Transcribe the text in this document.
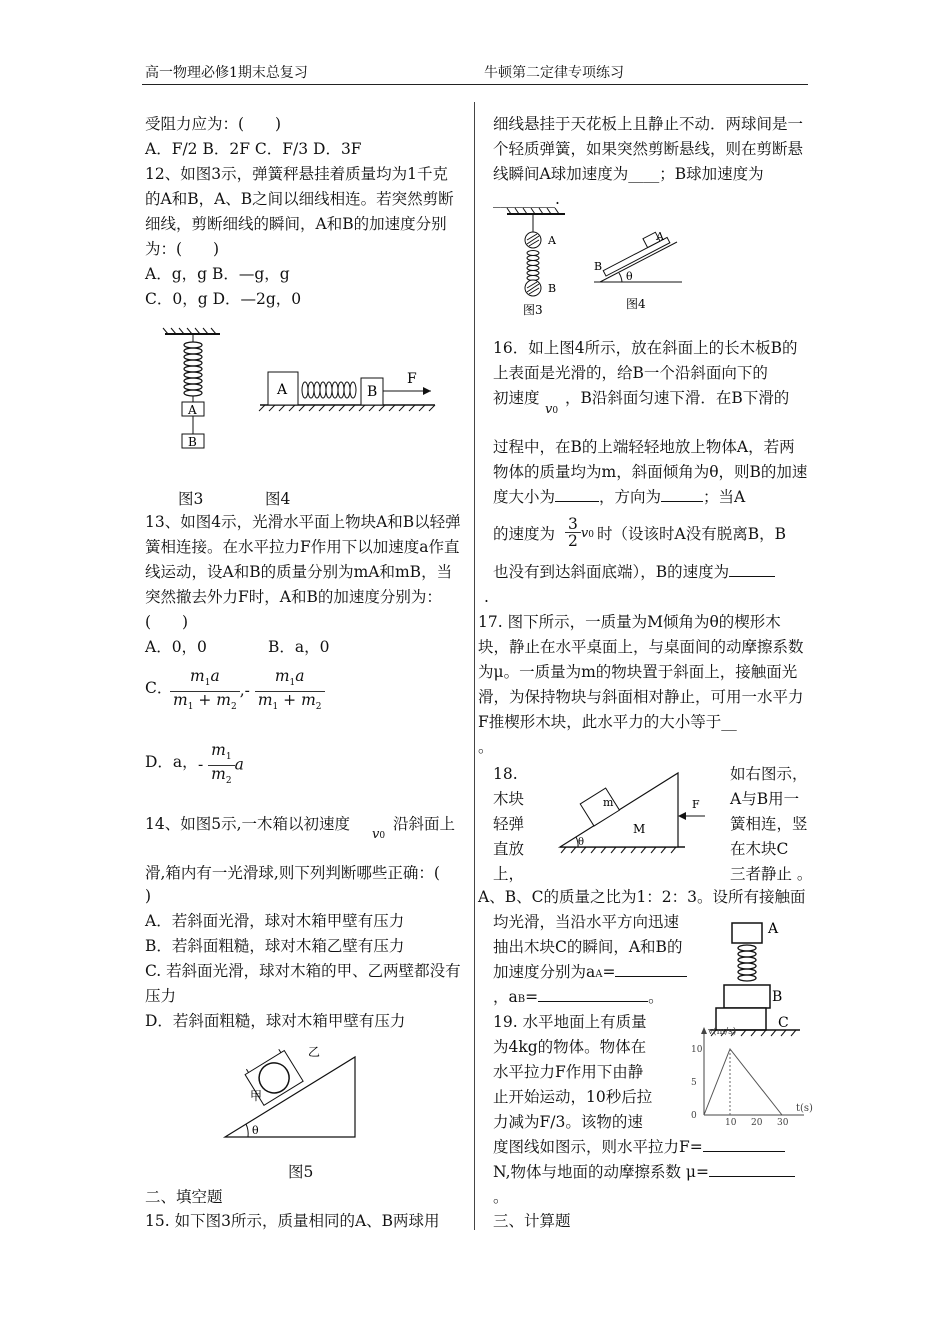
高一物理必修1期末总复习	牛顿第二定律专项练习

受阻力应为：(　　)

A．F/2 B．2F C．F/3 D．3F

12、如图3示，弹簧秤悬挂着质量均为1千克的A和B，A、B之间以细线相连。若突然剪断细线，剪断细线的瞬间，A和B的加速度分别为：(　　)

A．g，g B．—g，g

C．0，g D．—2g，0

A
B
A	B
F
图3	图4

13、如图4示，光滑水平面上物块A和B以轻弹簧相连接。在水平拉力F作用下以加速度a作直线运动，设A和B的质量分别为mA和mB，当突然撤去外力F时，A和B的加速度分别为：(　　)

A．0，0	B．a，0
C．
$\frac{m_1a}{m_1 + m_2}$ ,- $\frac{m_1a}{m_1 + m_2}$
D．a， - $\frac{m_1}{m_2}$ a
14、如图5示,一木箱以初速度
v0
沿斜面上
滑,箱内有一光滑球,则下列判断哪些正确：(
)

A．若斜面光滑，球对木箱甲壁有压力

B．若斜面粗糙，球对木箱乙壁有压力

C. 若斜面光滑，球对木箱的甲、乙两壁都没有压力

D．若斜面粗糙，球对木箱甲壁有压力

θ
甲
乙
图5
二、填空题
15. 如下图3所示，质量相同的A、B两球用

细线悬挂于天花板上且静止不动．两球间是一个轻质弹簧，如果突然剪断悬线，则在剪断悬线瞬间A球加速度为____；B球加速度为________.

A
B
图3
B
A
θ
图4

16．如上图4所示，放在斜面上的长木板B的上表面是光滑的，给B一个沿斜面向下的

初速度
v0
，B沿斜面匀速下滑．在B下滑的

过程中，在B的上端轻轻地放上物体A，若两物体的质量均为m，斜面倾角为θ，则B的加速度大小为	，方向为	；当A

的速度为 $\frac{3}{2} v0$ 时（设该时A没有脱离B，B
也没有到达斜面底端），B的速度为
.

17. 图下所示，一质量为M倾角为θ的楔形木块，静止在水平桌面上，与桌面间的动摩擦系数为μ。一质量为m的物块置于斜面上，接触面光滑，为保持物块与斜面相对静止，可用一水平力F推楔形木块，此水平力的大小等于__

。
18.
木块
轻弹
直放
上，
如右图示，
A与B用一
簧相连，竖
在木块C
三者静止 。
θ
m
M
F
A、B、C的质量之比为1：2：3。设所有接触面
均光滑，当沿水平方向迅速
抽出木块C的瞬间，A和B的
加速度分别为aA=
，aB=	。
A
B
C

19. 水平地面上有质量

为4kg的物体。物体在

水平拉力F作用下由静

止开始运动，10秒后拉

力减为F/3。该物的速

v(m/s)
t(s)
0
5
10
10 20 30
度图线如图示，则水平拉力F=
N,物体与地面的动摩擦系数 μ=
。
三、计算题
